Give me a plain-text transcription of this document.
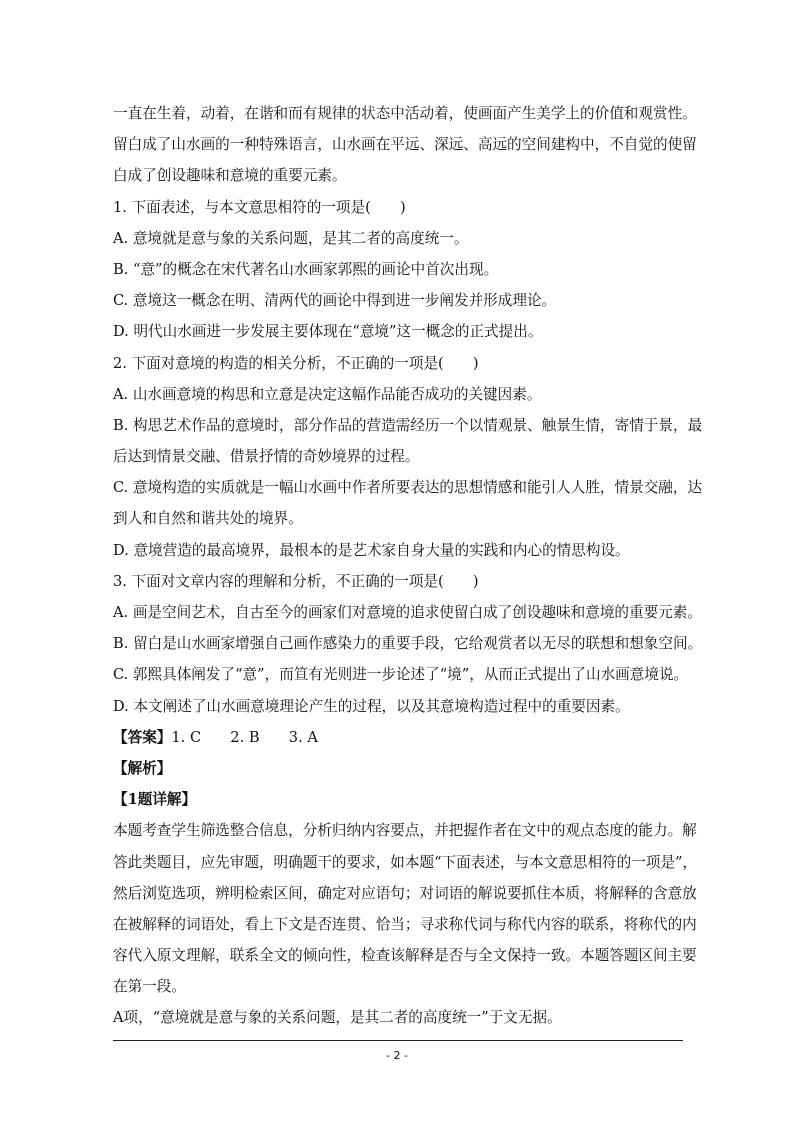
一直在生着，动着，在谐和而有规律的状态中活动着，使画面产生美学上的价值和观赏性。
留白成了山水画的一种特殊语言，山水画在平远、深远、高远的空间建构中，不自觉的使留
白成了创设趣味和意境的重要元素。
1. 下面表述，与本文意思相符的一项是(　　)
A. 意境就是意与象的关系问题，是其二者的高度统一。
B. “意”的概念在宋代著名山水画家郭熙的画论中首次出现。
C. 意境这一概念在明、清两代的画论中得到进一步阐发并形成理论。
D. 明代山水画进一步发展主要体现在“意境”这一概念的正式提出。
2. 下面对意境的构造的相关分析，不正确的一项是(　　)
A. 山水画意境的构思和立意是决定这幅作品能否成功的关键因素。
B. 构思艺术作品的意境时，部分作品的营造需经历一个以情观景、触景生情，寄情于景，最
后达到情景交融、借景抒情的奇妙境界的过程。
C. 意境构造的实质就是一幅山水画中作者所要表达的思想情感和能引人人胜，情景交融，达
到人和自然和谐共处的境界。
D. 意境营造的最高境界，最根本的是艺术家自身大量的实践和内心的情思构设。
3. 下面对文章内容的理解和分析，不正确的一项是(　　)
A. 画是空间艺术，自古至今的画家们对意境的追求使留白成了创设趣味和意境的重要元素。
B. 留白是山水画家增强自己画作感染力的重要手段，它给观赏者以无尽的联想和想象空间。
C. 郭熙具体阐发了“意”，而笪有光则进一步论述了“境”，从而正式提出了山水画意境说。
D. 本文阐述了山水画意境理论产生的过程，以及其意境构造过程中的重要因素。
【答案】1. C　　2. B　　3. A
【解析】
【1题详解】
本题考查学生筛选整合信息，分析归纳内容要点，并把握作者在文中的观点态度的能力。解
答此类题目，应先审题，明确题干的要求，如本题“下面表述，与本文意思相符的一项是”，
然后浏览选项，辨明检索区间，确定对应语句；对词语的解说要抓住本质，将解释的含意放
在被解释的词语处，看上下文是否连贯、恰当；寻求称代词与称代内容的联系，将称代的内
容代入原文理解，联系全文的倾向性，检查该解释是否与全文保持一致。本题答题区间主要
在第一段。
A项，“意境就是意与象的关系问题，是其二者的高度统一”于文无据。
- 2 -
